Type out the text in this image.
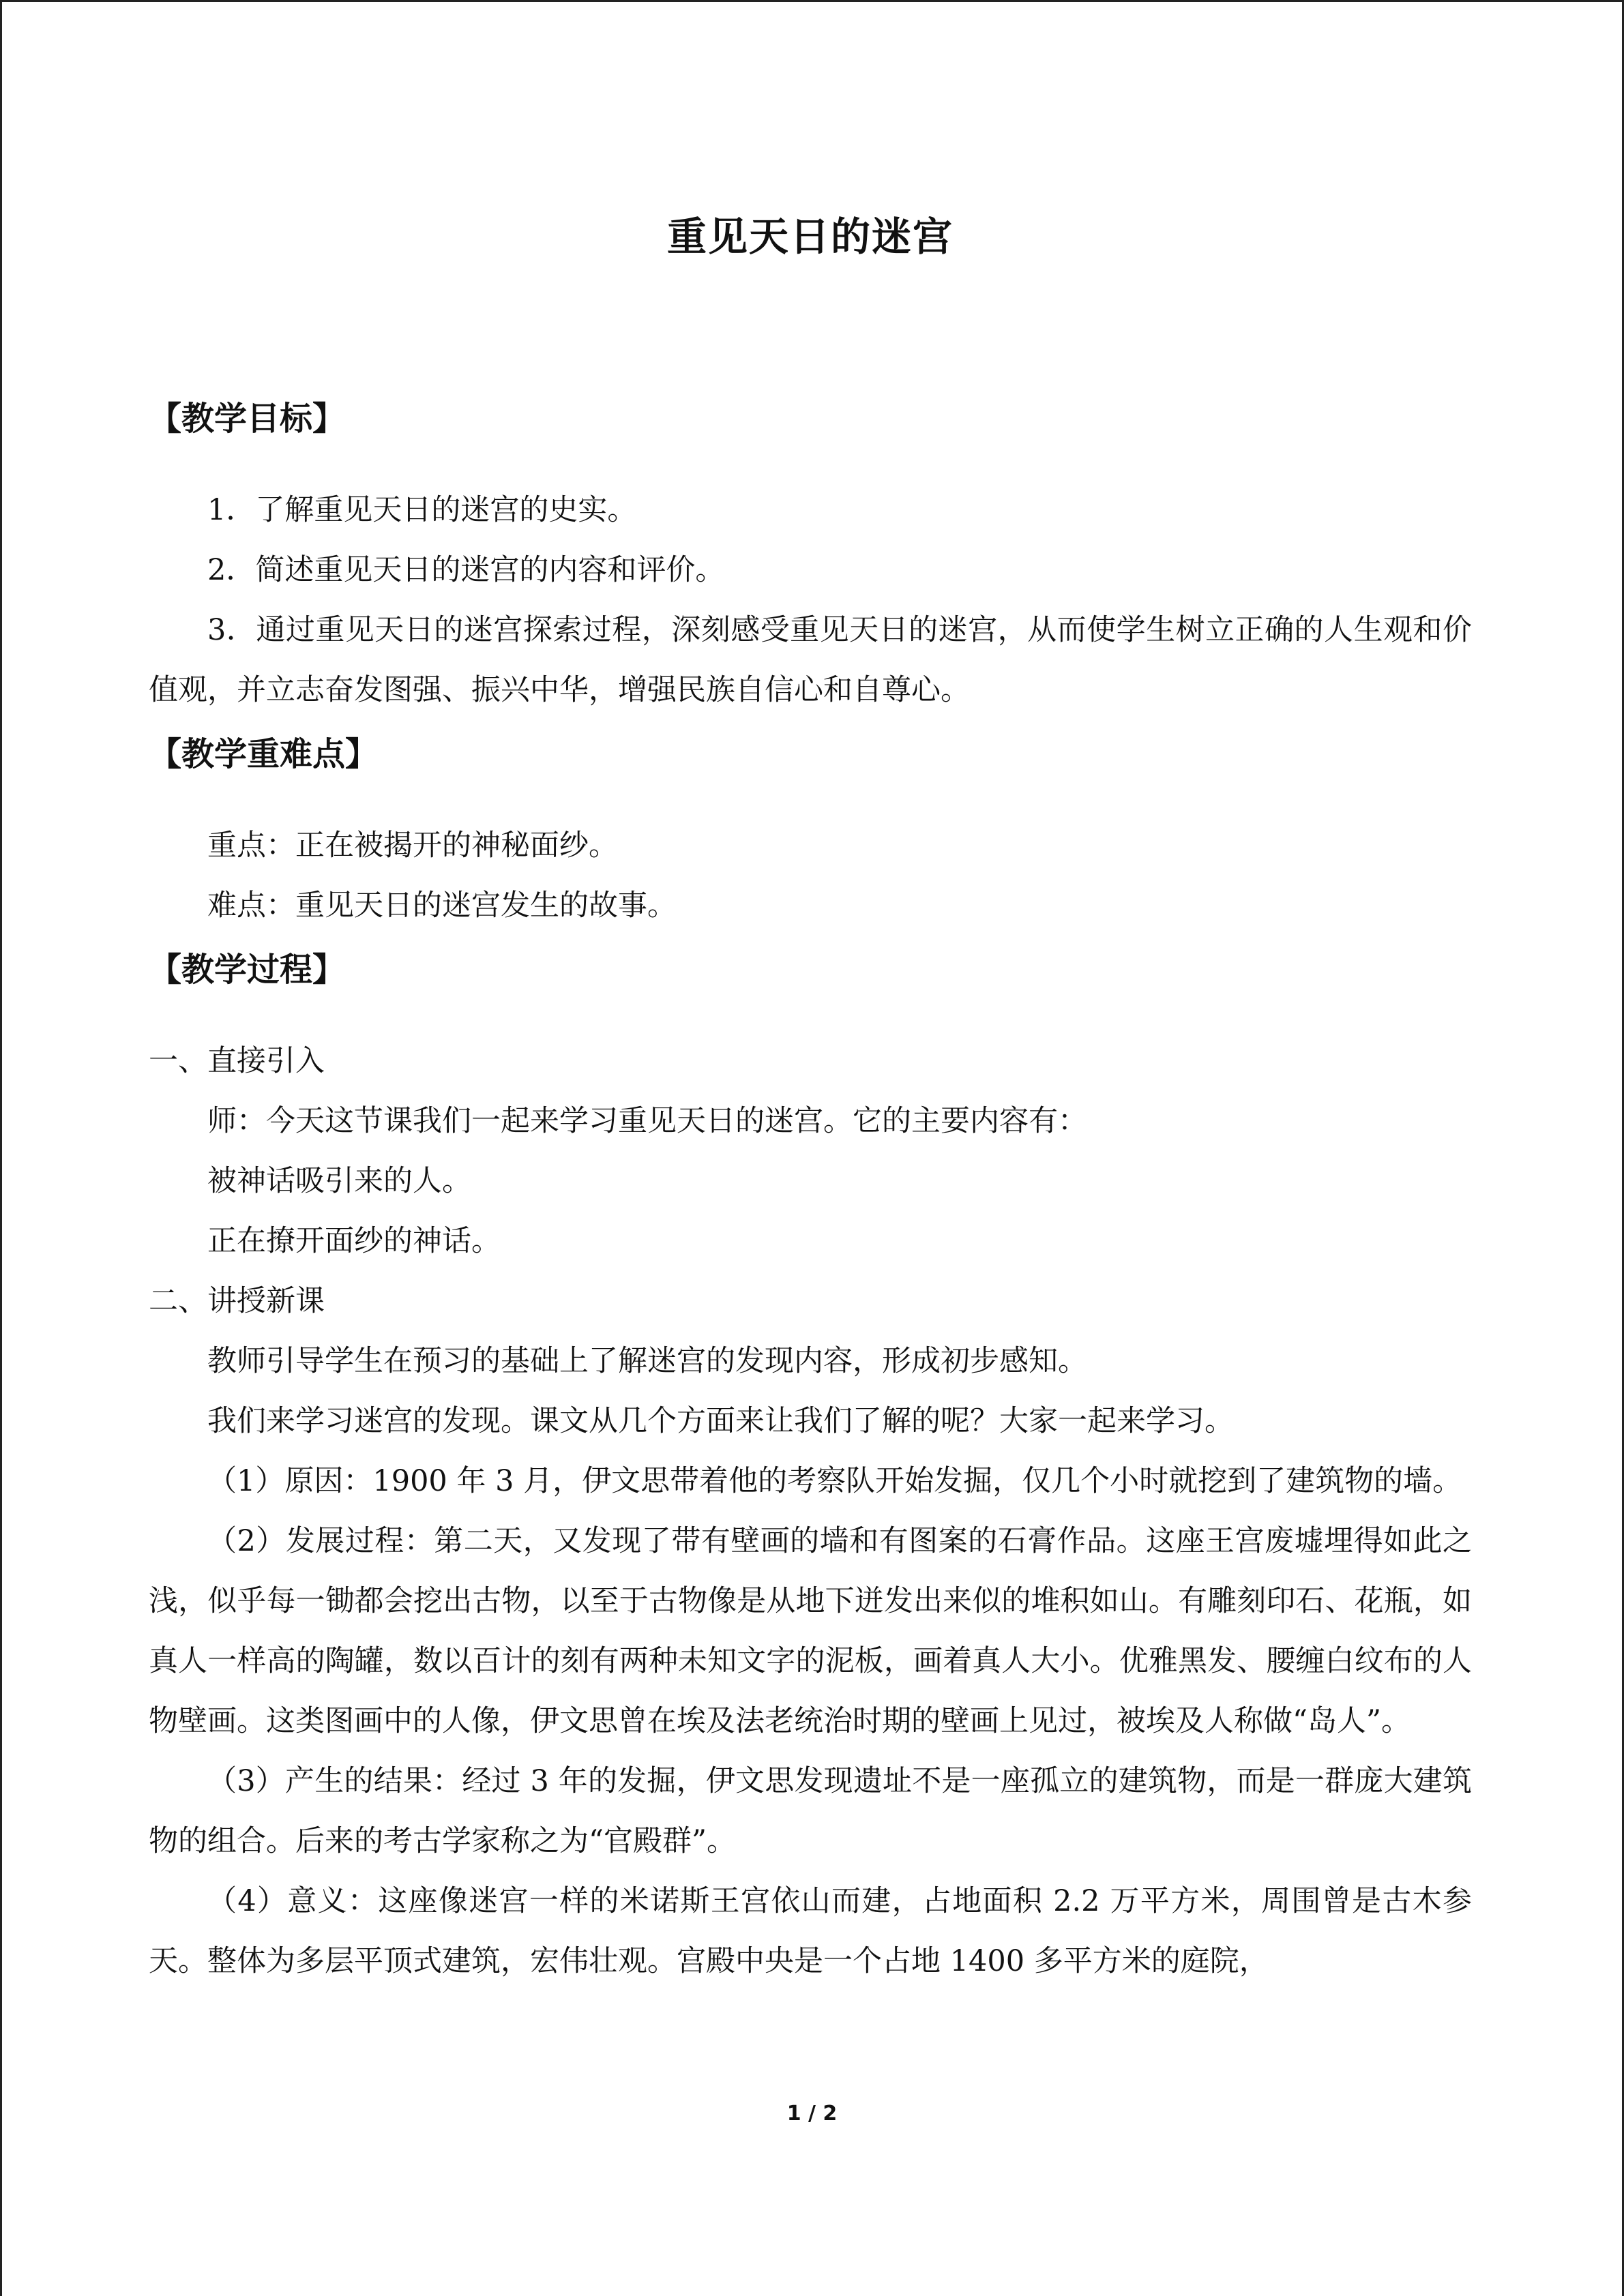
重见天日的迷宫
【教学目标】

1．了解重见天日的迷宫的史实。

2．简述重见天日的迷宫的内容和评价。

3．通过重见天日的迷宫探索过程，深刻感受重见天日的迷宫，从而使学生树立正确的人生观和价值观，并立志奋发图强、振兴中华，增强民族自信心和自尊心。

【教学重难点】

重点：正在被揭开的神秘面纱。

难点：重见天日的迷宫发生的故事。

【教学过程】

一、直接引入

师：今天这节课我们一起来学习重见天日的迷宫。它的主要内容有：

被神话吸引来的人。

正在撩开面纱的神话。

二、讲授新课

教师引导学生在预习的基础上了解迷宫的发现内容，形成初步感知。

我们来学习迷宫的发现。课文从几个方面来让我们了解的呢？大家一起来学习。

（1）原因：1900 年 3 月，伊文思带着他的考察队开始发掘，仅几个小时就挖到了建筑物的墙。

（2）发展过程：第二天，又发现了带有壁画的墙和有图案的石膏作品。这座王宫废墟埋得如此之浅，似乎每一锄都会挖出古物，以至于古物像是从地下迸发出来似的堆积如山。有雕刻印石、花瓶，如真人一样高的陶罐，数以百计的刻有两种未知文字的泥板，画着真人大小。优雅黑发、腰缠白纹布的人物壁画。这类图画中的人像，伊文思曾在埃及法老统治时期的壁画上见过，被埃及人称做“岛人”。

（3）产生的结果：经过 3 年的发掘，伊文思发现遗址不是一座孤立的建筑物，而是一群庞大建筑物的组合。后来的考古学家称之为“官殿群”。

（4）意义：这座像迷宫一样的米诺斯王宫依山而建，占地面积 2.2 万平方米，周围曾是古木参天。整体为多层平顶式建筑，宏伟壮观。宫殿中央是一个占地 1400 多平方米的庭院，

1 / 2
